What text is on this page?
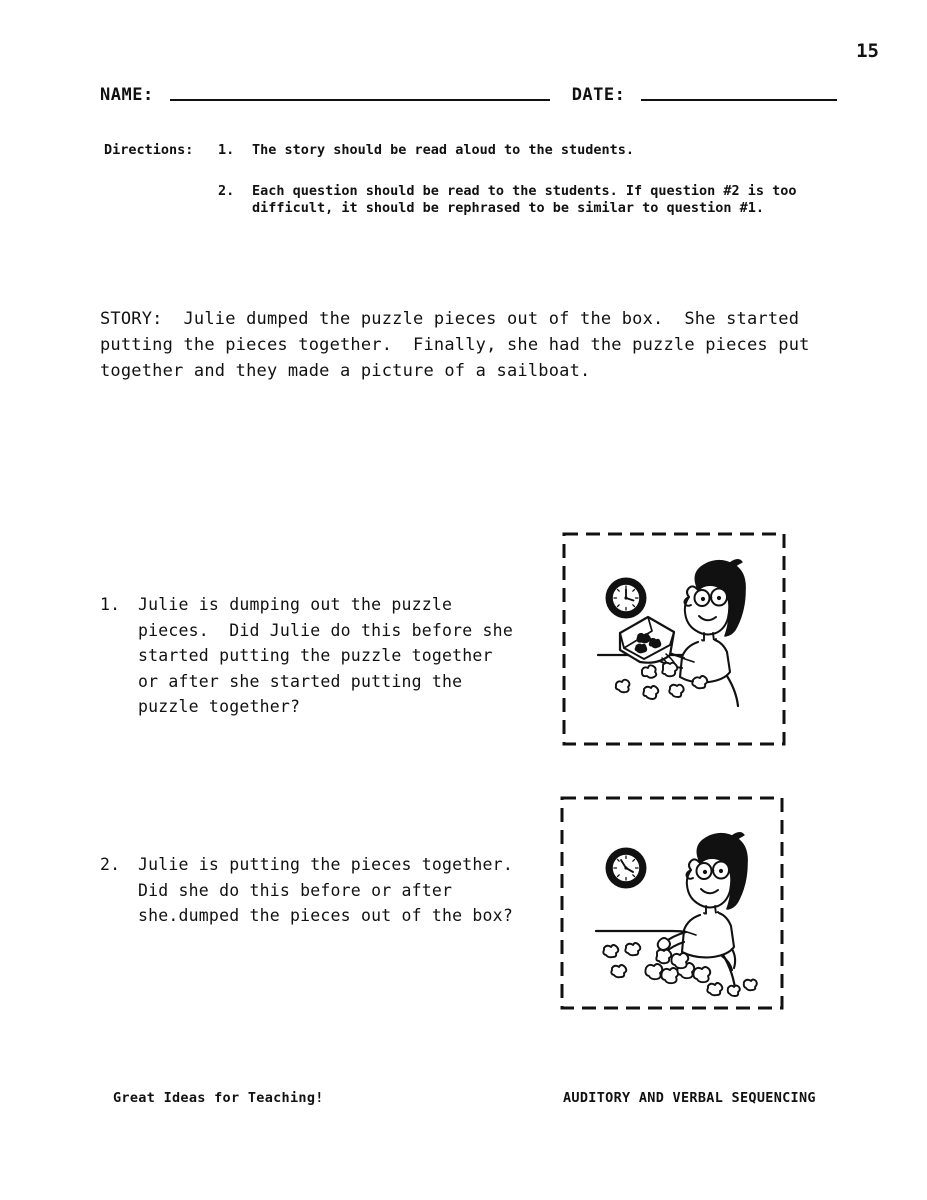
15
NAME:	DATE:
Directions:	1.	The story should be read aloud to the students.
2.	Each question should be read to the students. If question #2 is too difficult, it should be rephrased to be similar to question #1.
STORY:  Julie dumped the puzzle pieces out of the box.  She started putting the pieces together.  Finally, she had the puzzle pieces put together and they made a picture of a sailboat.
1.	Julie is dumping out the puzzle pieces.  Did Julie do this before she started putting the puzzle together or after she started putting the puzzle together?
2.	Julie is putting the pieces together.  Did she do this before or after she.dumped the pieces out of the box?
Great Ideas for Teaching!	AUDITORY AND VERBAL SEQUENCING
